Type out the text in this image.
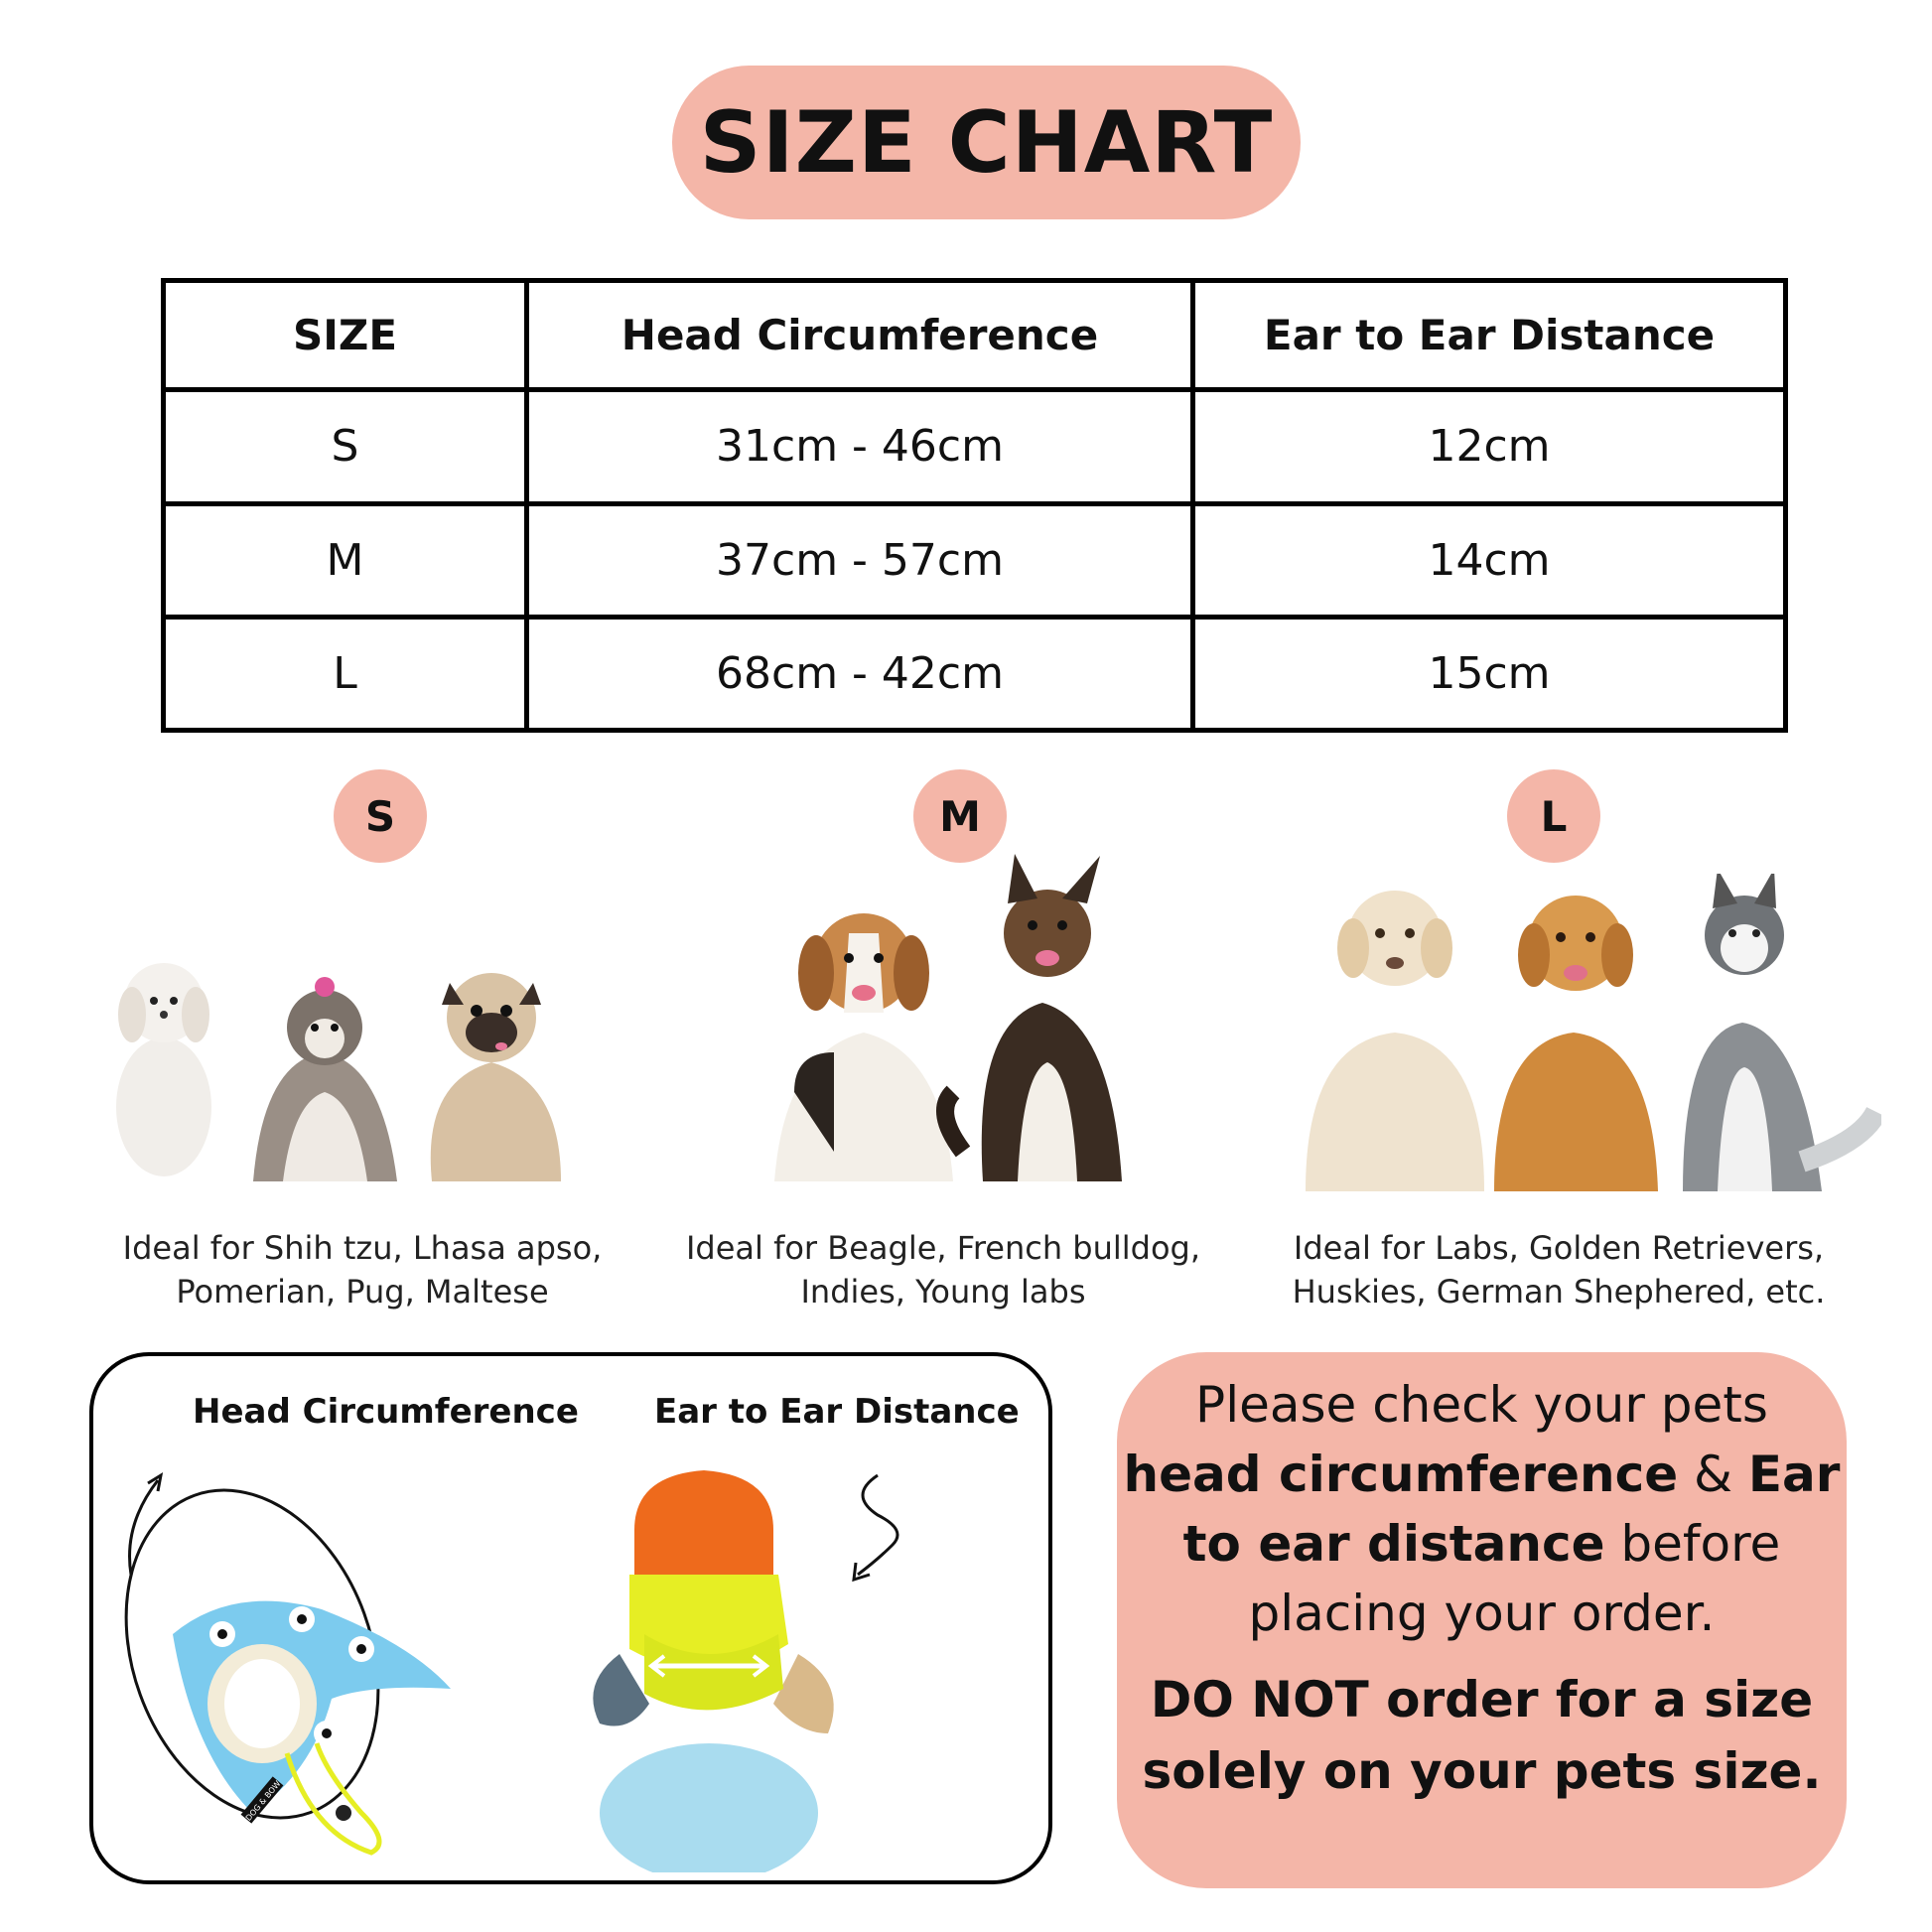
SIZE CHART
SIZE	Head Circumference	Ear to Ear Distance
S	31cm - 46cm	12cm
M	37cm - 57cm	14cm
L	68cm - 42cm	15cm
S	M	L
Ideal for Shih tzu, Lhasa apso,
Pomerian, Pug, Maltese
Ideal for Beagle, French bulldog,
Indies, Young labs
Ideal for Labs, Golden Retrievers,
Huskies, German Shephered, etc.
Head Circumference Ear to Ear Distance
DOG & BOW

Please check your pets

head circumference & Ear

to ear distance before

placing your order.

DO NOT order for a size
solely on your pets size.
